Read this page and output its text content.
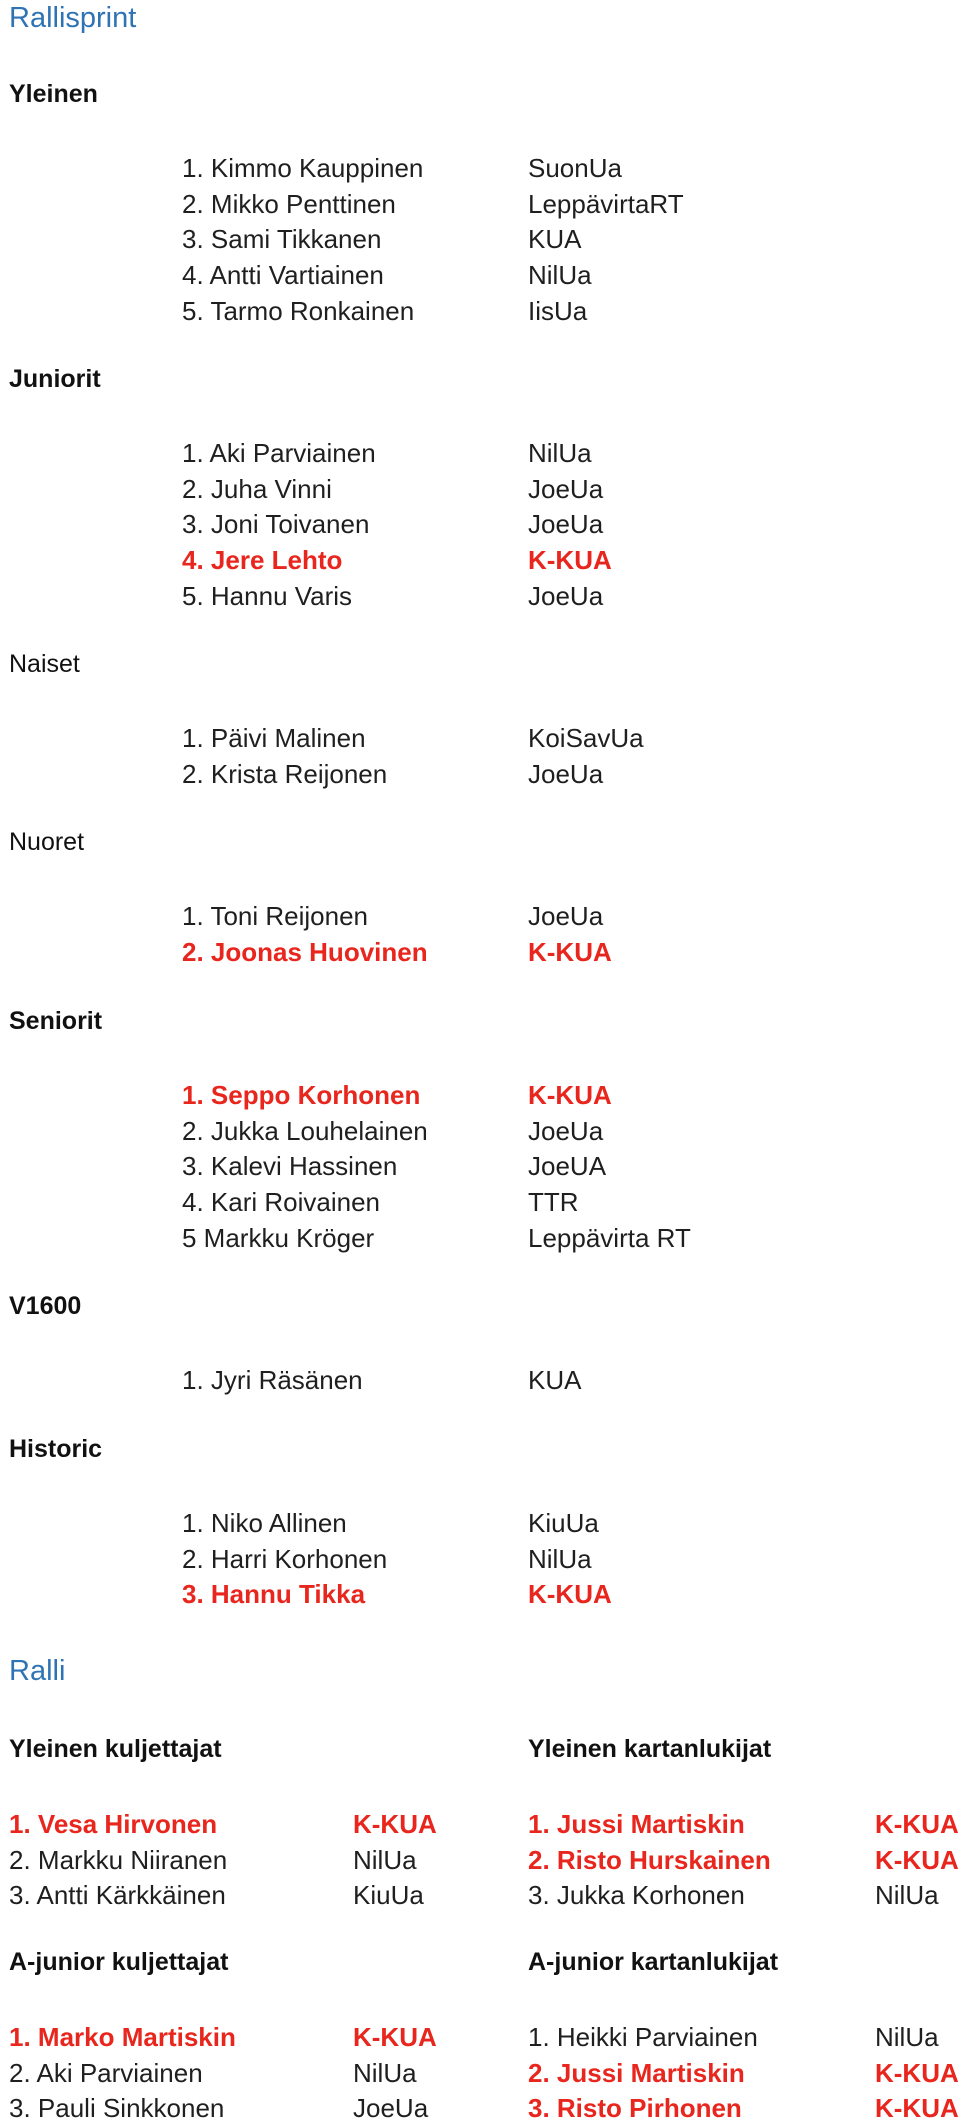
Rallisprint
Yleinen
1. Kimmo Kauppinen	SuonUa
2. Mikko Penttinen	LeppävirtaRT
3. Sami Tikkanen	KUA
4. Antti Vartiainen	NilUa
5. Tarmo Ronkainen	IisUa
Juniorit
1. Aki Parviainen	NilUa
2. Juha Vinni	JoeUa
3. Joni Toivanen	JoeUa
4. Jere Lehto	K-KUA
5. Hannu Varis	JoeUa
Naiset
1. Päivi Malinen	KoiSavUa
2. Krista Reijonen	JoeUa
Nuoret
1. Toni Reijonen	JoeUa
2. Joonas Huovinen	K-KUA
Seniorit
1. Seppo Korhonen	K-KUA
2. Jukka Louhelainen	JoeUa
3. Kalevi Hassinen	JoeUA
4. Kari Roivainen	TTR
5 Markku Kröger	Leppävirta RT
V1600
1. Jyri Räsänen	KUA
Historic
1. Niko Allinen	KiuUa
2. Harri Korhonen	NilUa
3. Hannu Tikka	K-KUA
Ralli
Yleinen kuljettajat
1. Vesa Hirvonen	K-KUA
2. Markku Niiranen	NilUa
3. Antti Kärkkäinen	KiuUa
Yleinen kartanlukijat
1. Jussi Martiskin	K-KUA
2. Risto Hurskainen	K-KUA
3. Jukka Korhonen	NilUa
A-junior kuljettajat
1. Marko Martiskin	K-KUA
2. Aki Parviainen	NilUa
3. Pauli Sinkkonen	JoeUa
A-junior kartanlukijat
1. Heikki Parviainen	NilUa
2. Jussi Martiskin	K-KUA
3. Risto Pirhonen	K-KUA
